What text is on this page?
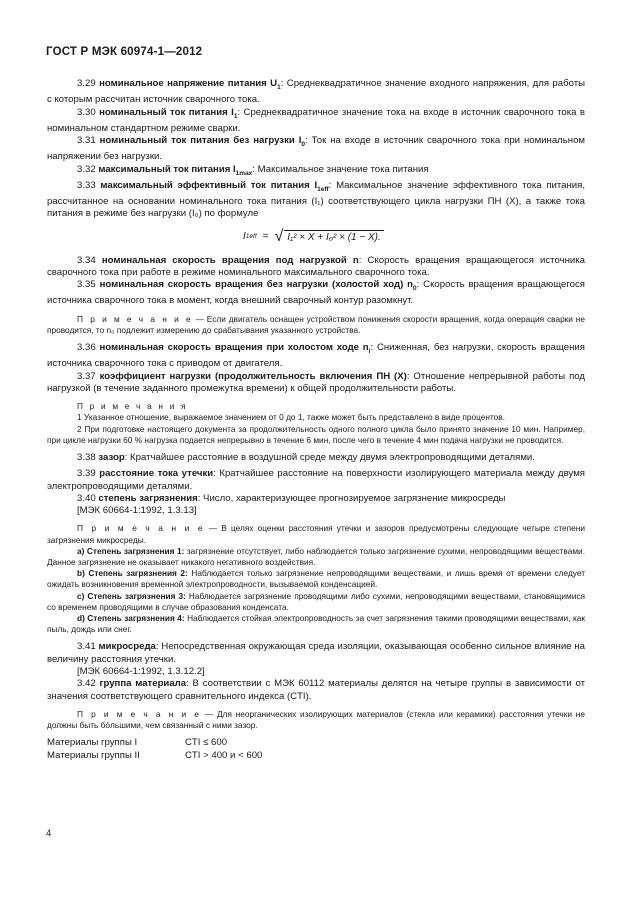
ГОСТ Р МЭК 60974-1—2012

3.29 номинальное напряжение питания $U_1$: Среднеквадратичное значение входного напряжения, для работы с которым рассчитан источник сварочного тока.

3.30 номинальный ток питания $I_1$: Среднеквадратичное значение тока на входе в источник сварочного тока в номинальном стандартном режиме сварки.

3.31 номинальный ток питания без нагрузки $I_0$: Ток на входе в источник сварочного тока при номинальном напряжении без нагрузки.

3.32 максимальный ток питания $I_{1max}$: Максимальное значение тока питания

3.33 максимальный эффективный ток питания $I_{1eff}$: Максимальное значение эффективного тока питания, рассчитанное на основании номинального тока питания (I₁) соответствующего цикла нагрузки ПН (X), а также тока питания в режиме без нагрузки (I₀) по формуле

I 1eff = √ I₁² × X + I₀² × (1 − X).

3.34 номинальная скорость вращения под нагрузкой n: Скорость вращения вращающегося источника сварочного тока при работе в режиме номинального максимального сварочного тока.

3.35 номинальная скорость вращения без нагрузки (холостой ход) $n_0$: Скорость вращения вращающегося источника сварочного тока в момент, когда внешний сварочный контур разомкнут.

П р и м е ч а н и е — Если двигатель оснащен устройством понижения скорости вращения, когда операция сварки не проводится, то n₀ подлежит измерению до срабатывания указанного устройства.

3.36 номинальная скорость вращения при холостом ходе $n_i$: Сниженная, без нагрузки, скорость вращения источника сварочного тока с приводом от двигателя.

3.37 коэффициент нагрузки (продолжительность включения ПН (X): Отношение непрерывной работы под нагрузкой (в течение заданного промежутка времени) к общей продолжительности работы.

П р и м е ч а н и я

1 Указанное отношение, выражаемое значением от 0 до 1, также может быть представлено в виде процентов.

2 При подготовке настоящего документа за продолжительность одного полного цикла было принято значение 10 мин. Например, при цикле нагрузки 60 % нагрузка подается непрерывно в течение 6 мин, после чего в течение 4 мин подача нагрузки не проводится.

3.38 зазор: Кратчайшее расстояние в воздушной среде между двумя электропроводящими деталями.

3.39 расстояние тока утечки: Кратчайшее расстояние на поверхности изолирующего материала между двумя электропроводящими деталями.

3.40 степень загрязнения: Число, характеризующее прогнозируемое загрязнение микросреды

[МЭК 60664-1:1992, 1.3.13]

П р и м е ч а н и е — В целях оценки расстояния утечки и зазоров предусмотрены следующие четыре степени загрязнения микросреды.

a) Степень загрязнения 1: загрязнение отсутствует, либо наблюдается только загрязнение сухими, непроводящими веществами. Данное загрязнение не оказывает никакого негативного воздействия.

b) Степень загрязнения 2: Наблюдается только загрязнение непроводящими веществами, и лишь время от времени следует ожидать возникновения временной электропроводности, вызываемой конденсацией.

c) Степень загрязнения 3: Наблюдается загрязнение проводящими либо сухими, непроводящими веществами, становящимися со временем проводящими в случае образования конденсата.

d) Степень загрязнения 4: Наблюдается стойкая электропроводность за счет загрязнения такими проводящими веществами, как пыль, дождь или снег.

3.41 микросреда: Непосредственная окружающая среда изоляции, оказывающая особенно сильное влияние на величину расстояния утечки.

[МЭК 60664-1:1992, 1.3.12.2]

3.42 группа материала: В соответствии с МЭК 60112 материалы делятся на четыре группы в зависимости от значения соответствующего сравнительного индекса (CTI).

П р и м е ч а н и е — Для неорганических изолирующих материалов (стекла или керамики) расстояния утечки не должны быть бо́льшими, чем связанный с ними зазор.

Материалы группы I	CTI ≤ 600
Материалы группы II	CTI > 400 и < 600
4
